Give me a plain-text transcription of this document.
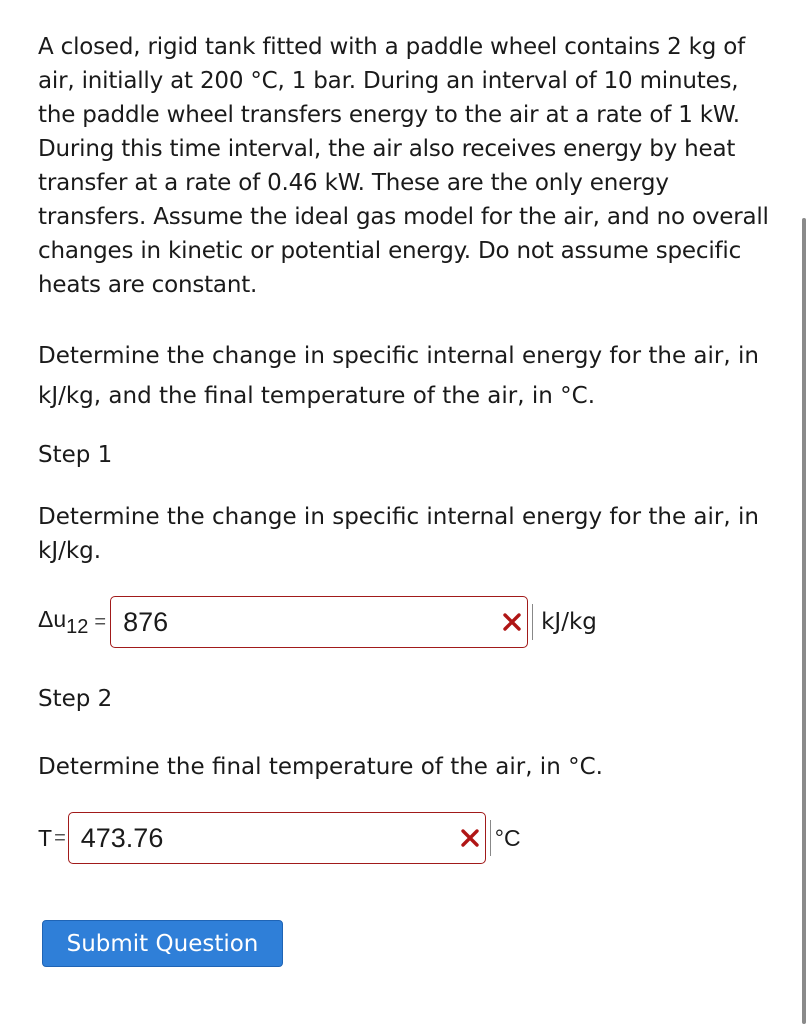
A closed, rigid tank fitted with a paddle wheel contains 2 kg of air, initially at 200 °C, 1 bar. During an interval of 10 minutes, the paddle wheel transfers energy to the air at a rate of 1 kW. During this time interval, the air also receives energy by heat transfer at a rate of 0.46 kW. These are the only energy transfers. Assume the ideal gas model for the air, and no overall changes in kinetic or potential energy. Do not assume specific heats are constant.

Determine the change in specific internal energy for the air, in kJ/kg, and the final temperature of the air, in °C.

Step 1
Determine the change in specific internal energy for the air, in kJ/kg.
$\Delta u_{12} = 876$	kJ/kg
Step 2
Determine the final temperature of the air, in °C.
T = 473.76	°C
Submit Question
